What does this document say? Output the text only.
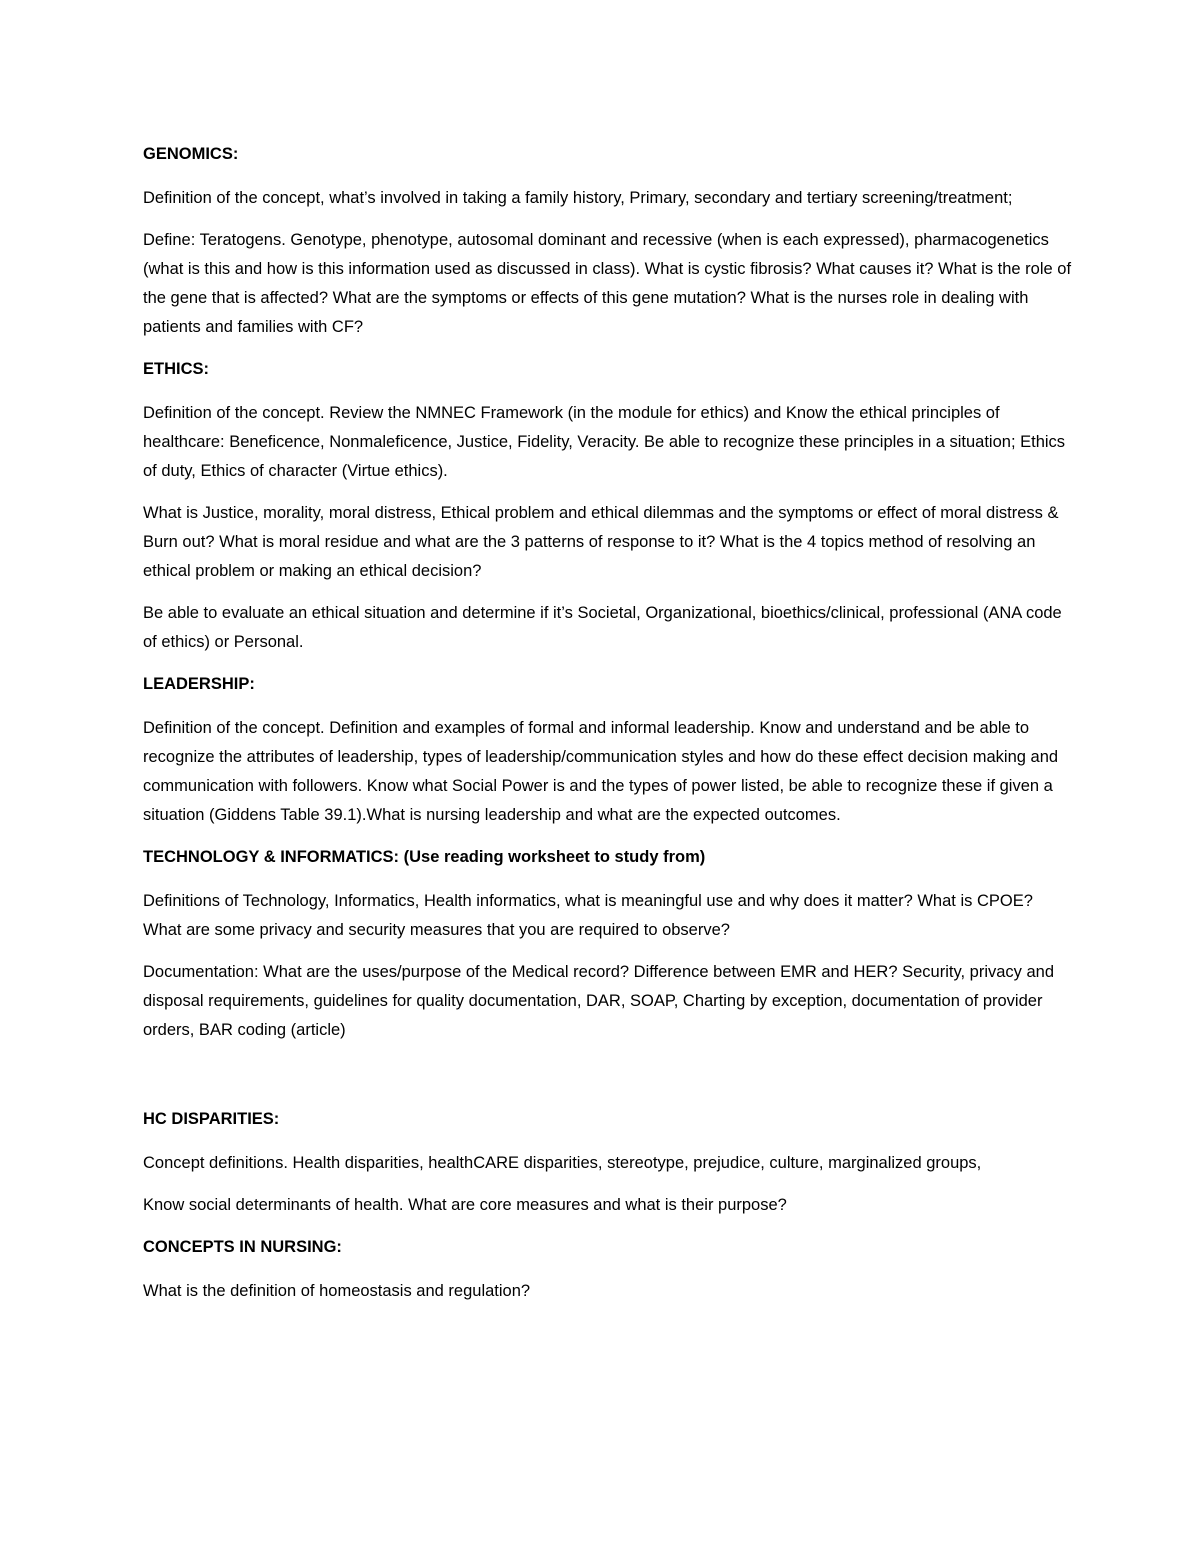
GENOMICS:
Definition of the concept, what’s involved in taking a family history, Primary, secondary and tertiary screening/treatment;
Define: Teratogens. Genotype, phenotype, autosomal dominant and recessive (when is each expressed), pharmacogenetics (what is this and how is this information used as discussed in class). What is cystic fibrosis? What causes it? What is the role of the gene that is affected? What are the symptoms or effects of this gene mutation? What is the nurses role in dealing with patients and families with CF?
ETHICS:
Definition of the concept. Review the NMNEC Framework (in the module for ethics) and Know the ethical principles of healthcare: Beneficence, Nonmaleficence, Justice, Fidelity, Veracity. Be able to recognize these principles in a situation; Ethics of duty, Ethics of character (Virtue ethics).
What is Justice, morality, moral distress, Ethical problem and ethical dilemmas and the symptoms or effect of moral distress & Burn out? What is moral residue and what are the 3 patterns of response to it? What is the 4 topics method of resolving an ethical problem or making an ethical decision?
Be able to evaluate an ethical situation and determine if it’s Societal, Organizational, bioethics/clinical, professional (ANA code of ethics) or Personal.
LEADERSHIP:
Definition of the concept. Definition and examples of formal and informal leadership. Know and understand and be able to recognize the attributes of leadership, types of leadership/communication styles and how do these effect decision making and communication with followers. Know what Social Power is and the types of power listed, be able to recognize these if given a situation (Giddens Table 39.1).What is nursing leadership and what are the expected outcomes.
TECHNOLOGY & INFORMATICS: (Use reading worksheet to study from)
Definitions of Technology, Informatics, Health informatics, what is meaningful use and why does it matter? What is CPOE? What are some privacy and security measures that you are required to observe?
Documentation: What are the uses/purpose of the Medical record? Difference between EMR and HER? Security, privacy and disposal requirements, guidelines for quality documentation, DAR, SOAP, Charting by exception, documentation of provider orders, BAR coding (article)
HC DISPARITIES:
Concept definitions. Health disparities, healthCARE disparities, stereotype, prejudice, culture, marginalized groups,
Know social determinants of health. What are core measures and what is their purpose?
CONCEPTS IN NURSING:
What is the definition of homeostasis and regulation?
